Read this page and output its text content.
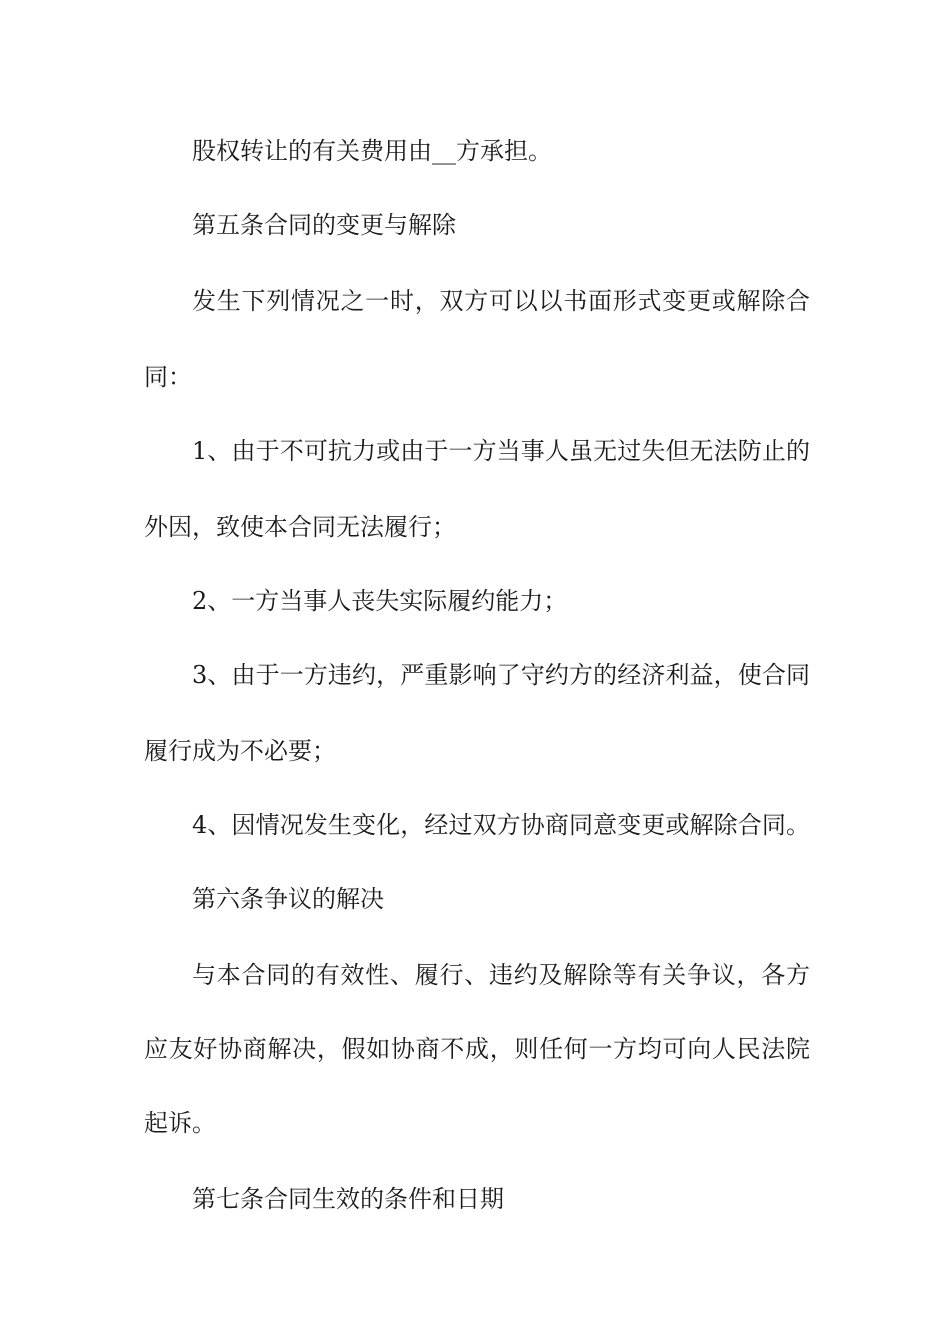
股权转让的有关费用由__方承担。
第五条合同的变更与解除
发生下列情况之一时，双方可以以书面形式变更或解除合
同：
1、由于不可抗力或由于一方当事人虽无过失但无法防止的
外因，致使本合同无法履行；
2、一方当事人丧失实际履约能力；
3、由于一方违约，严重影响了守约方的经济利益，使合同
履行成为不必要；
4、因情况发生变化，经过双方协商同意变更或解除合同。
第六条争议的解决
与本合同的有效性、履行、违约及解除等有关争议，各方
应友好协商解决，假如协商不成，则任何一方均可向人民法院
起诉。
第七条合同生效的条件和日期
